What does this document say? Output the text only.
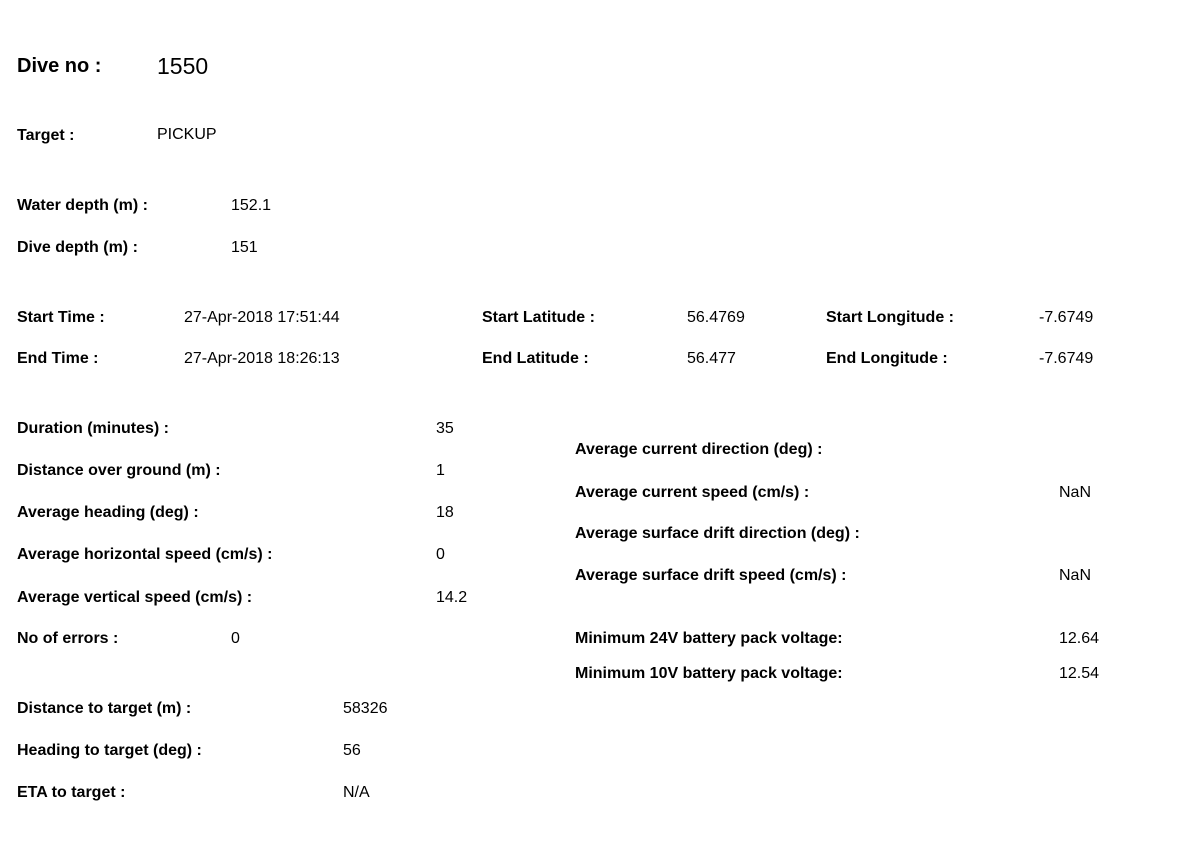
Dive no : 1550
Target :	PICKUP
Water depth (m) :	152.1
Dive depth (m) :	151
Start Time :	27-Apr-2018 17:51:44
End Time :	27-Apr-2018 18:26:13
Start Latitude :	56.4769
End Latitude :	56.477
Start Longitude :	-7.6749
End Longitude :	-7.6749
Duration (minutes) :	35
Distance over ground (m) :	1
Average heading (deg) :	18
Average horizontal speed (cm/s) :	0
Average vertical speed (cm/s) :	14.2
No of errors :	0
Average current direction (deg) :
Average current speed (cm/s) :	NaN
Average surface drift direction (deg) :
Average surface drift speed (cm/s) :	NaN
Minimum 24V battery pack voltage:	12.64
Minimum 10V battery pack voltage:	12.54
Distance to target (m) :	58326
Heading to target (deg) :	56
ETA to target :	N/A
